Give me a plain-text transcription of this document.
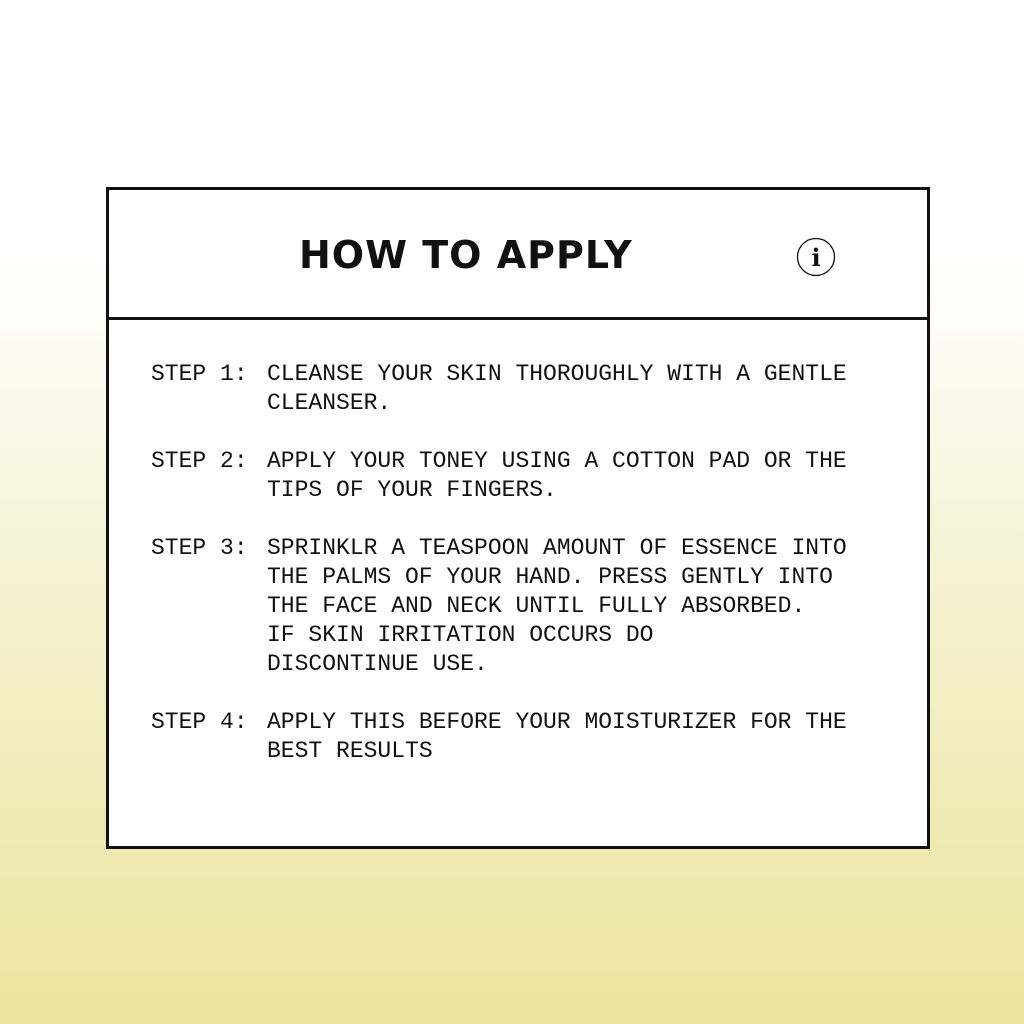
HOW TO APPLY	i
STEP 1: CLEANSE YOUR SKIN THOROUGHLY WITH A GENTLE
CLEANSER.
STEP 2: APPLY YOUR TONEY USING A COTTON PAD OR THE
TIPS OF YOUR FINGERS.
STEP 3: SPRINKLR A TEASPOON AMOUNT OF ESSENCE INTO
THE PALMS OF YOUR HAND. PRESS GENTLY INTO
THE FACE AND NECK UNTIL FULLY ABSORBED.
IF SKIN IRRITATION OCCURS DO
DISCONTINUE USE.
STEP 4: APPLY THIS BEFORE YOUR MOISTURIZER FOR THE
BEST RESULTS
